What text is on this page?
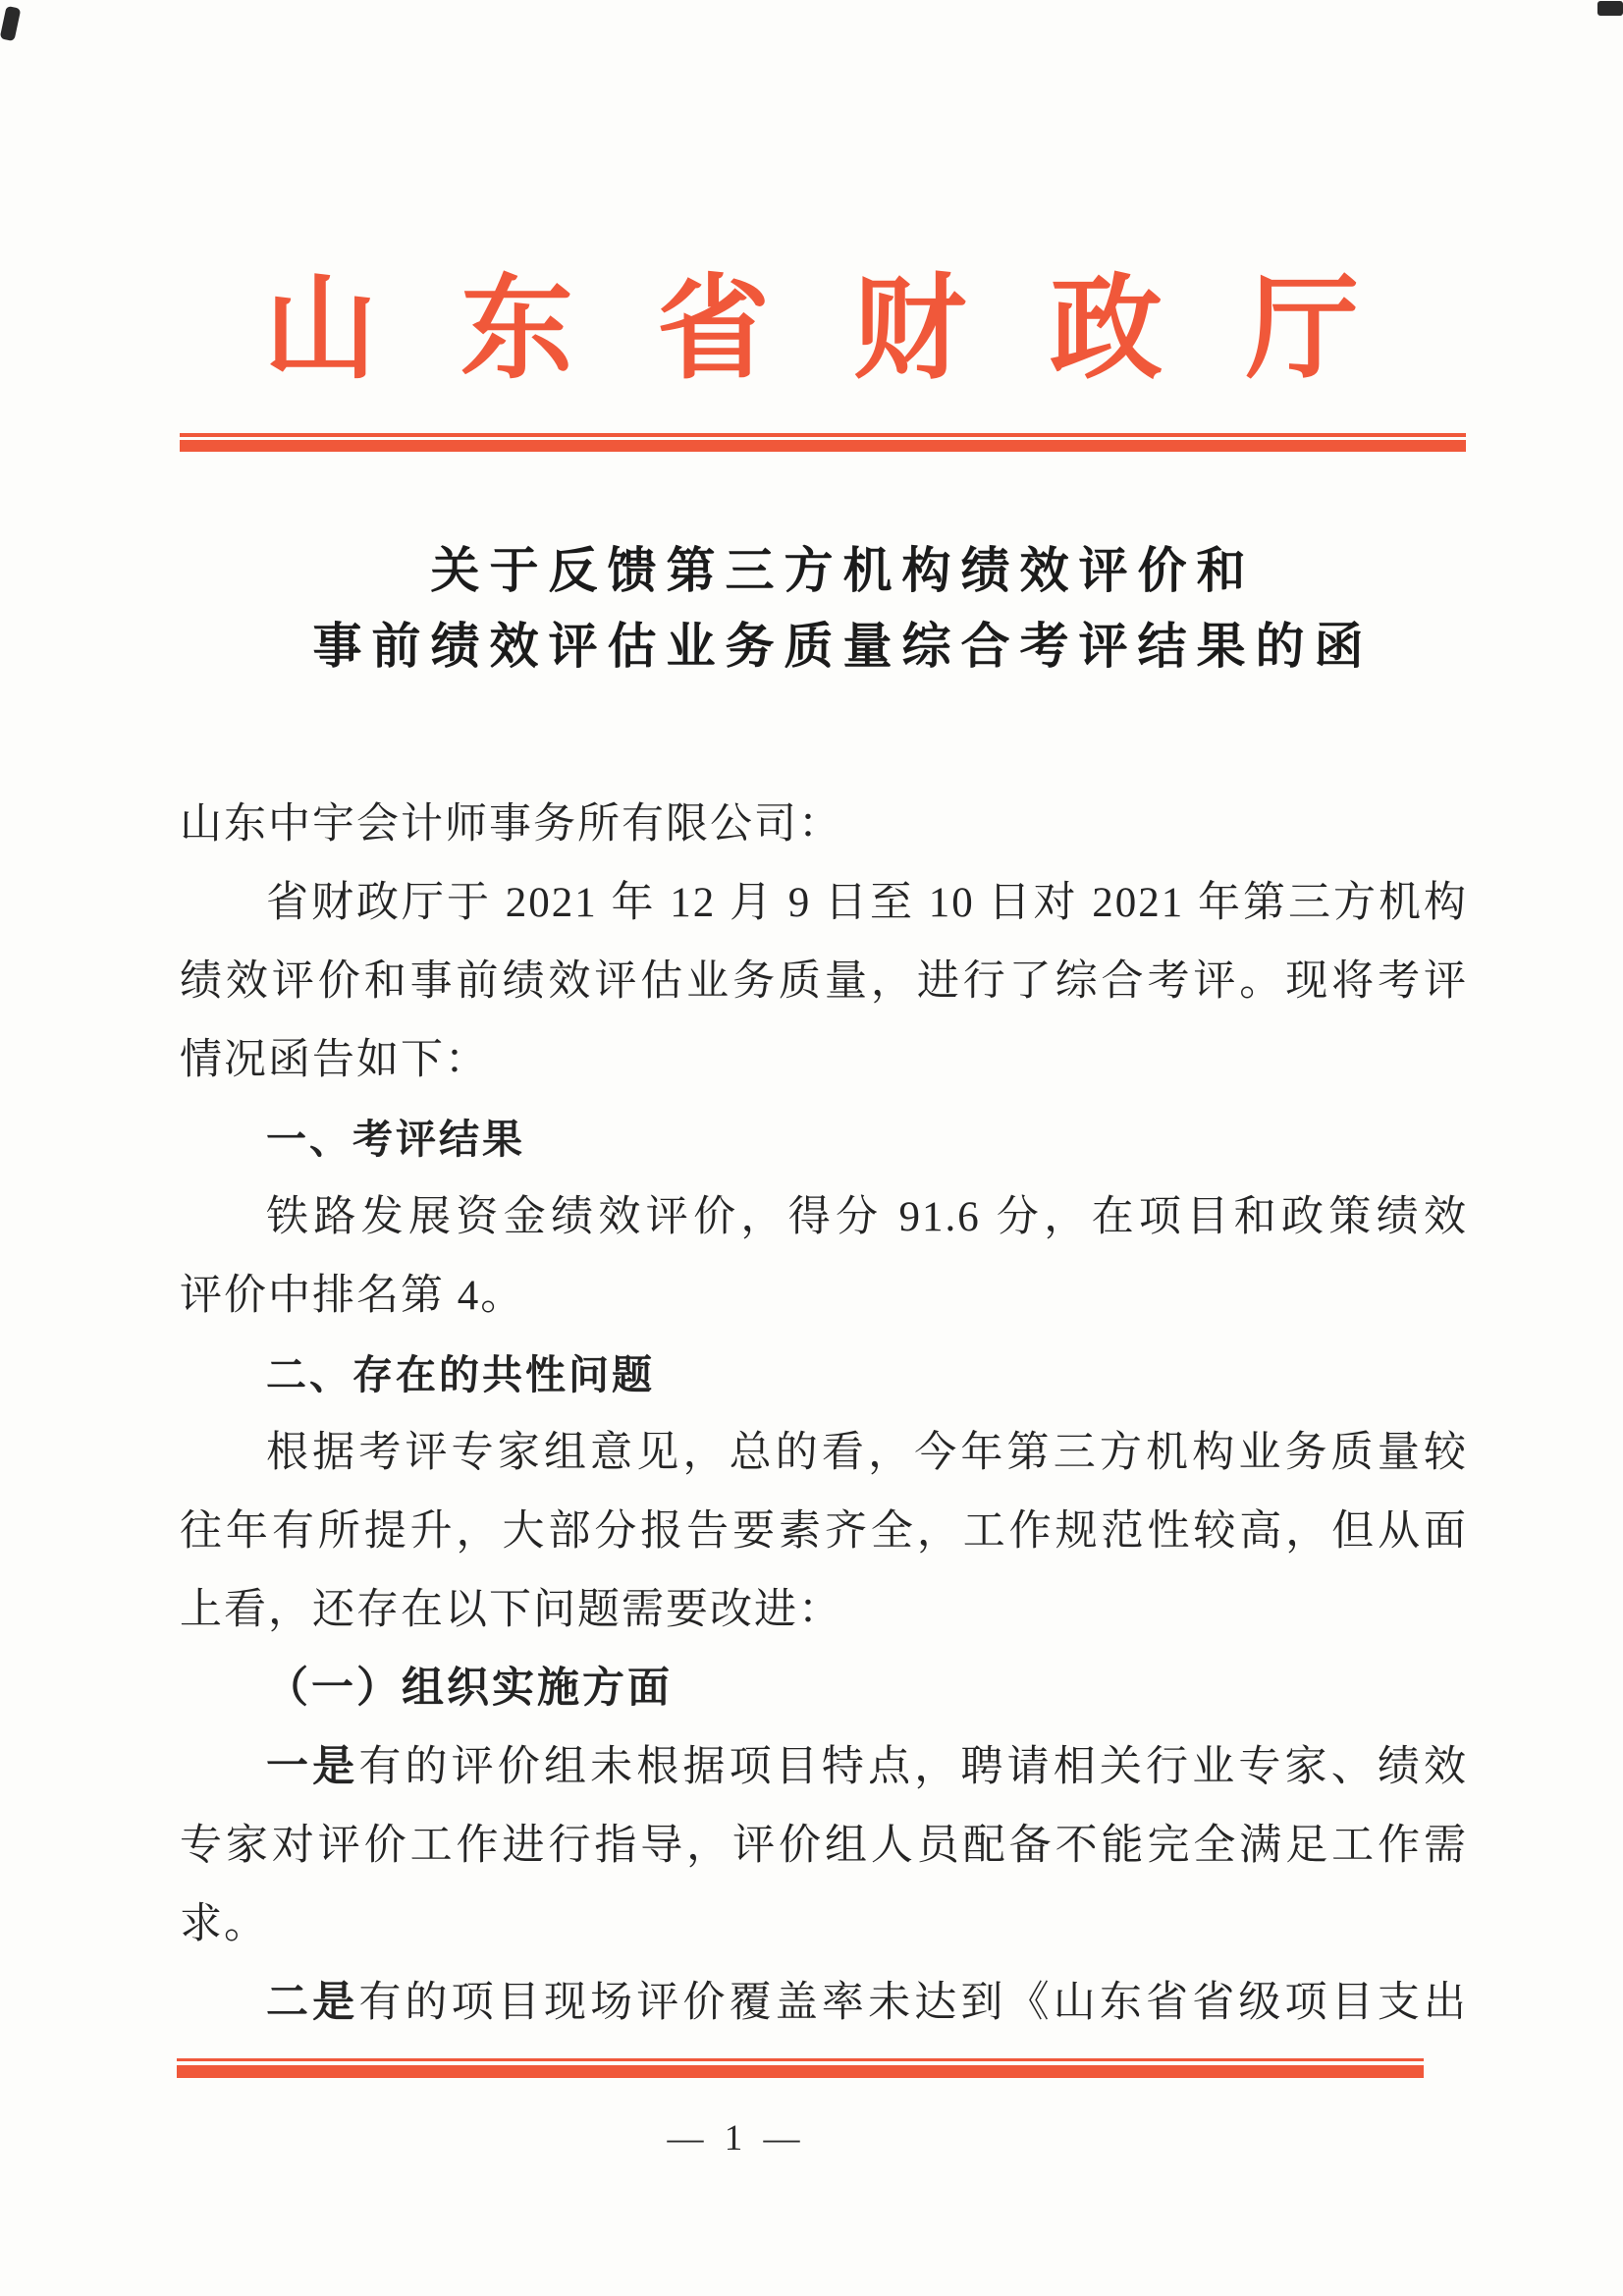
山东省财政厅
关于反馈第三方机构绩效评价和
事前绩效评估业务质量综合考评结果的函
山东中宇会计师事务所有限公司：
省财政厅于 2021 年 12 月 9 日至 10 日对 2021 年第三方机构
绩效评价和事前绩效评估业务质量，进行了综合考评。现将考评
情况函告如下：
一、考评结果
铁路发展资金绩效评价，得分 91.6 分，在项目和政策绩效
评价中排名第 4。
二、存在的共性问题
根据考评专家组意见，总的看，今年第三方机构业务质量较
往年有所提升，大部分报告要素齐全，工作规范性较高，但从面
上看，还存在以下问题需要改进：
（一）组织实施方面
一是有的评价组未根据项目特点，聘请相关行业专家、绩效
专家对评价工作进行指导，评价组人员配备不能完全满足工作需
求。
二是有的项目现场评价覆盖率未达到《山东省省级项目支出
— 1 —
